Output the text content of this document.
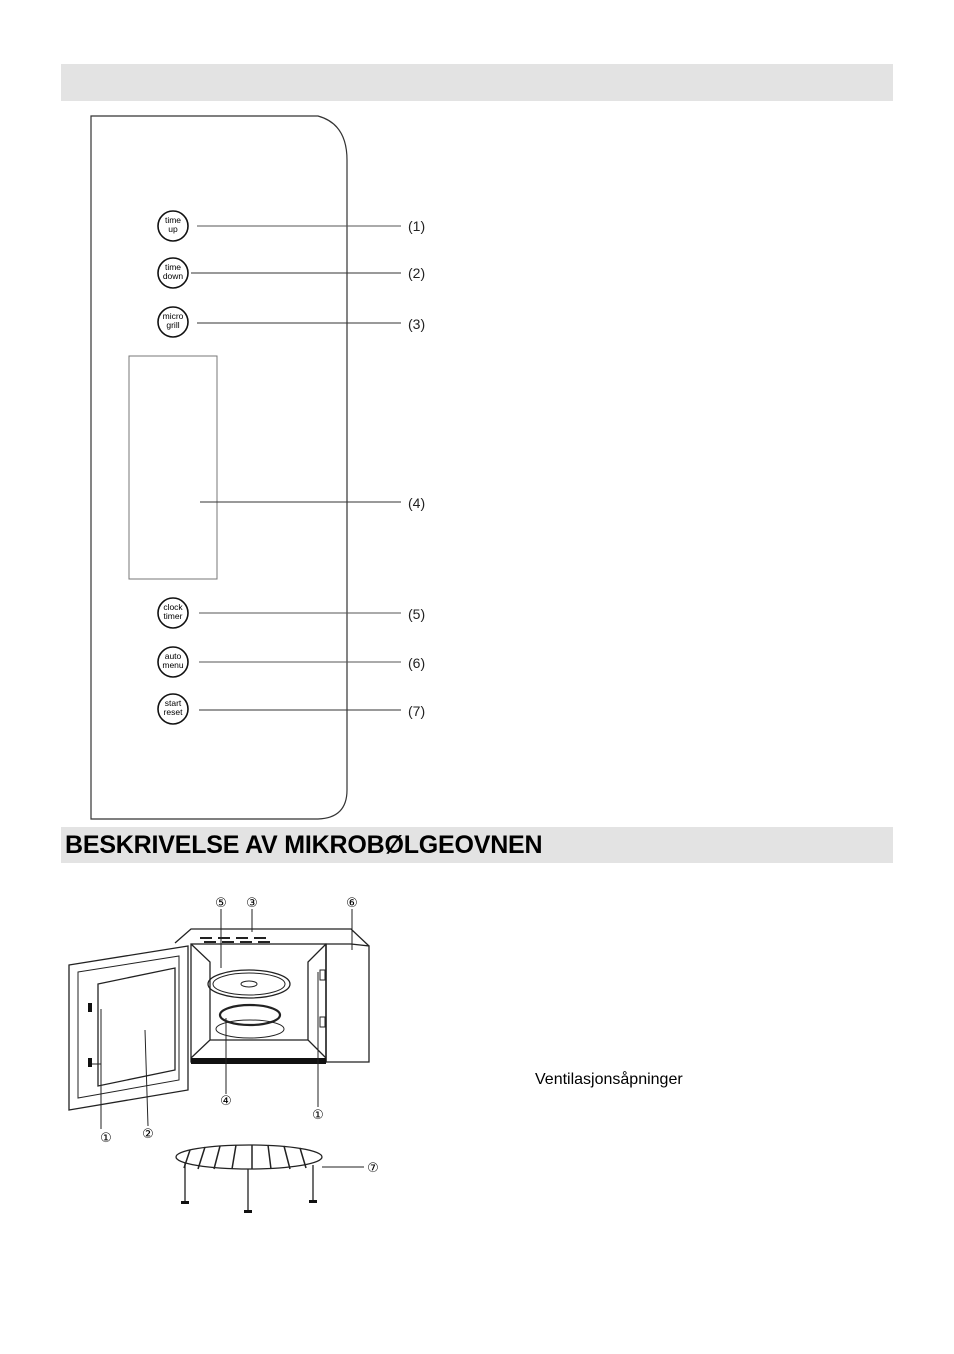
BESKRIVELSE AV MIKROBØLGEOVNEN
time
up	(1)
time
down	(2)
micro
grill	(3)
(4)
clock
timer	(5)
auto
menu	(6)
start
reset	(7)
⑤ ③	⑥
④
①
① ②
⑦
Ventilasjonsåpninger
